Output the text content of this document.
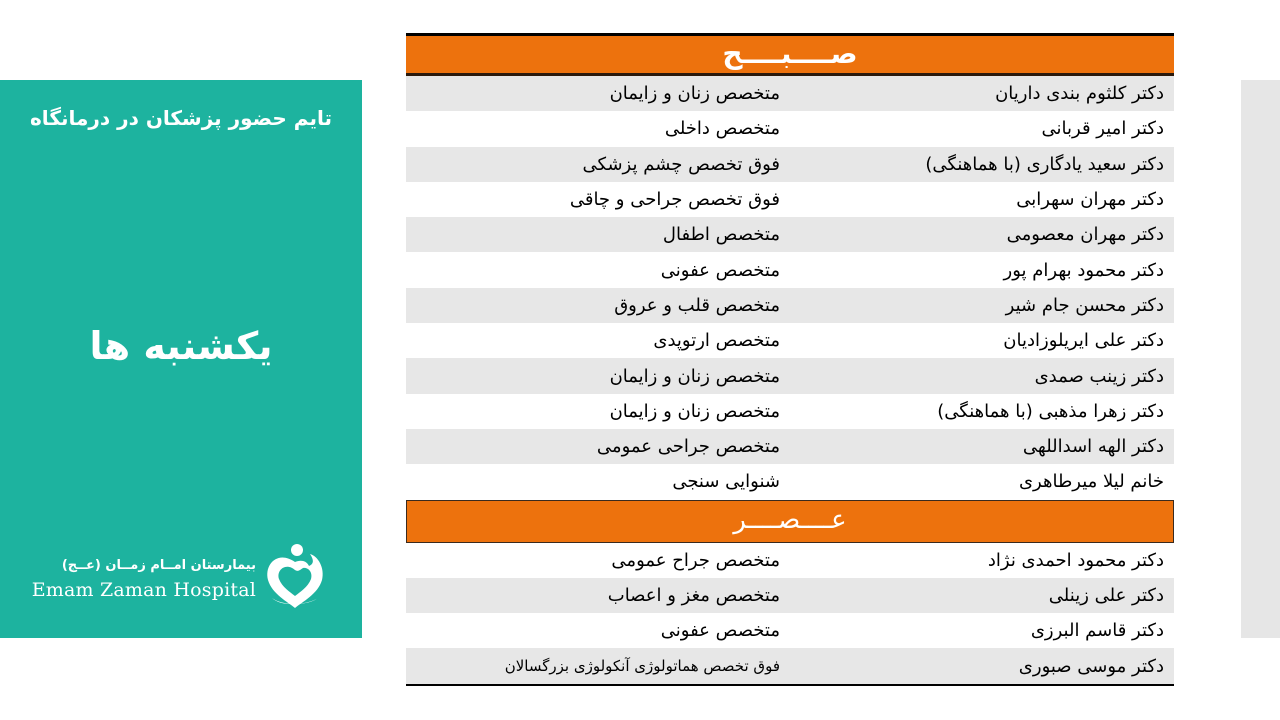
تایم حضور پزشکان در درمانگاه
یکشنبه ها
بیمارستان امــام زمــان (عــج)
Emam Zaman Hospital
صــــبــــح
دکتر کلثوم بندی داریان
متخصص زنان و زایمان
دکتر امیر قربانی
متخصص داخلی
دکتر سعید یادگاری (با هماهنگی)
فوق تخصص چشم پزشکی
دکتر مهران سهرابی
فوق تخصص جراحی و چاقی
دکتر مهران معصومی
متخصص اطفال
دکتر محمود بهرام پور
متخصص عفونی
دکتر محسن جام شیر
متخصص قلب و عروق
دکتر علی ایریلوزادیان
متخصص ارتوپدی
دکتر زینب صمدی
متخصص زنان و زایمان
دکتر زهرا مذهبی (با هماهنگی)
متخصص زنان و زایمان
دکتر الهه اسداللهی
متخصص جراحی عمومی
خانم لیلا میرطاهری
شنوایی سنجی
عــــصــــر
دکتر محمود احمدی نژاد
متخصص جراح عمومی
دکتر علی زینلی
متخصص مغز و اعصاب
دکتر قاسم البرزی
متخصص عفونی
دکتر موسی صبوری
فوق تخصص هماتولوژی آنکولوژی بزرگسالان
